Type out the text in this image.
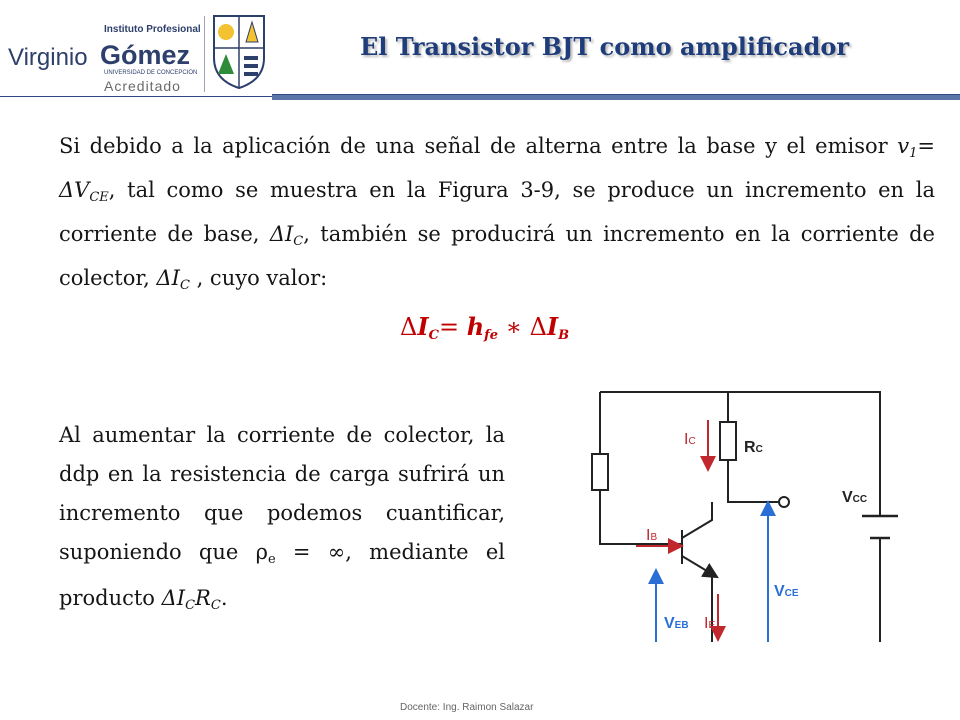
Virginio
Instituto Profesional
Gómez
UNIVERSIDAD DE CONCEPCION
Acreditado
El Transistor BJT como amplificador
Si debido a la aplicación de una señal de alterna entre la base y el emisor $v_1= \Delta V_{CE}$, tal como se muestra en la Figura 3-9, se produce un incremento en la corriente de base, $\Delta I_C$, también se producirá un incremento en la corriente de colector, $\Delta I_C$ , cuyo valor:
$\Delta I_C= h_{fe}$ ∗ $\Delta I_B$
Al aumentar la corriente de colector, la ddp en la resistencia de carga sufrirá un incremento que podemos cuantificar, suponiendo que $\rho_e$ = ∞, mediante el producto $\Delta I_CR_C$.
IC	RC
VCC
IB
VCE
VEB IE
Docente: Ing. Raimon Salazar
